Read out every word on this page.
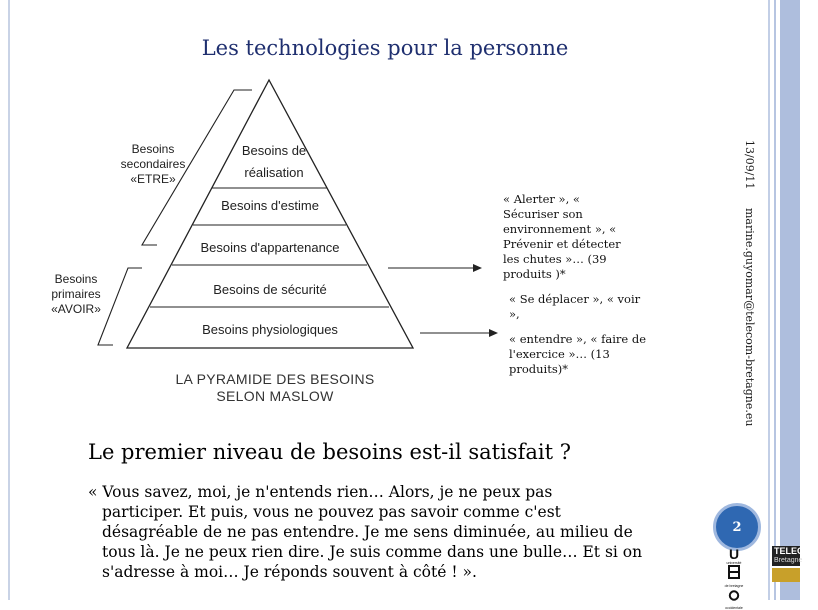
Les technologies pour la personne
Besoins de
réalisation
Besoins d'estime
Besoins d'appartenance
Besoins de sécurité
Besoins physiologiques
Besoins
secondaires
«ETRE»
Besoins
primaires
«AVOIR»
LA PYRAMIDE DES BESOINS
SELON MASLOW
« Alerter », «
Sécuriser son
environnement », «
Prévenir et détecter
les chutes »… (39
produits )*
« Se déplacer », « voir
»,
« entendre », « faire de
l'exercice »… (13
produits)*
13/09/11
marine.guyomar@telecom-bretagne.eu
Le premier niveau de besoins est-il satisfait ?
« Vous savez, moi, je n'entends rien… Alors, je ne peux pas
participer. Et puis, vous ne pouvez pas savoir comme c'est
désagréable de ne pas entendre. Je me sens diminuée, au milieu de
tous là. Je ne peux rien dire. Je suis comme dans une bulle… Et si on
s'adresse à moi… Je réponds souvent à côté ! ».
2
U
université
de bretagne
occidentale
TELECOM
Bretagne
